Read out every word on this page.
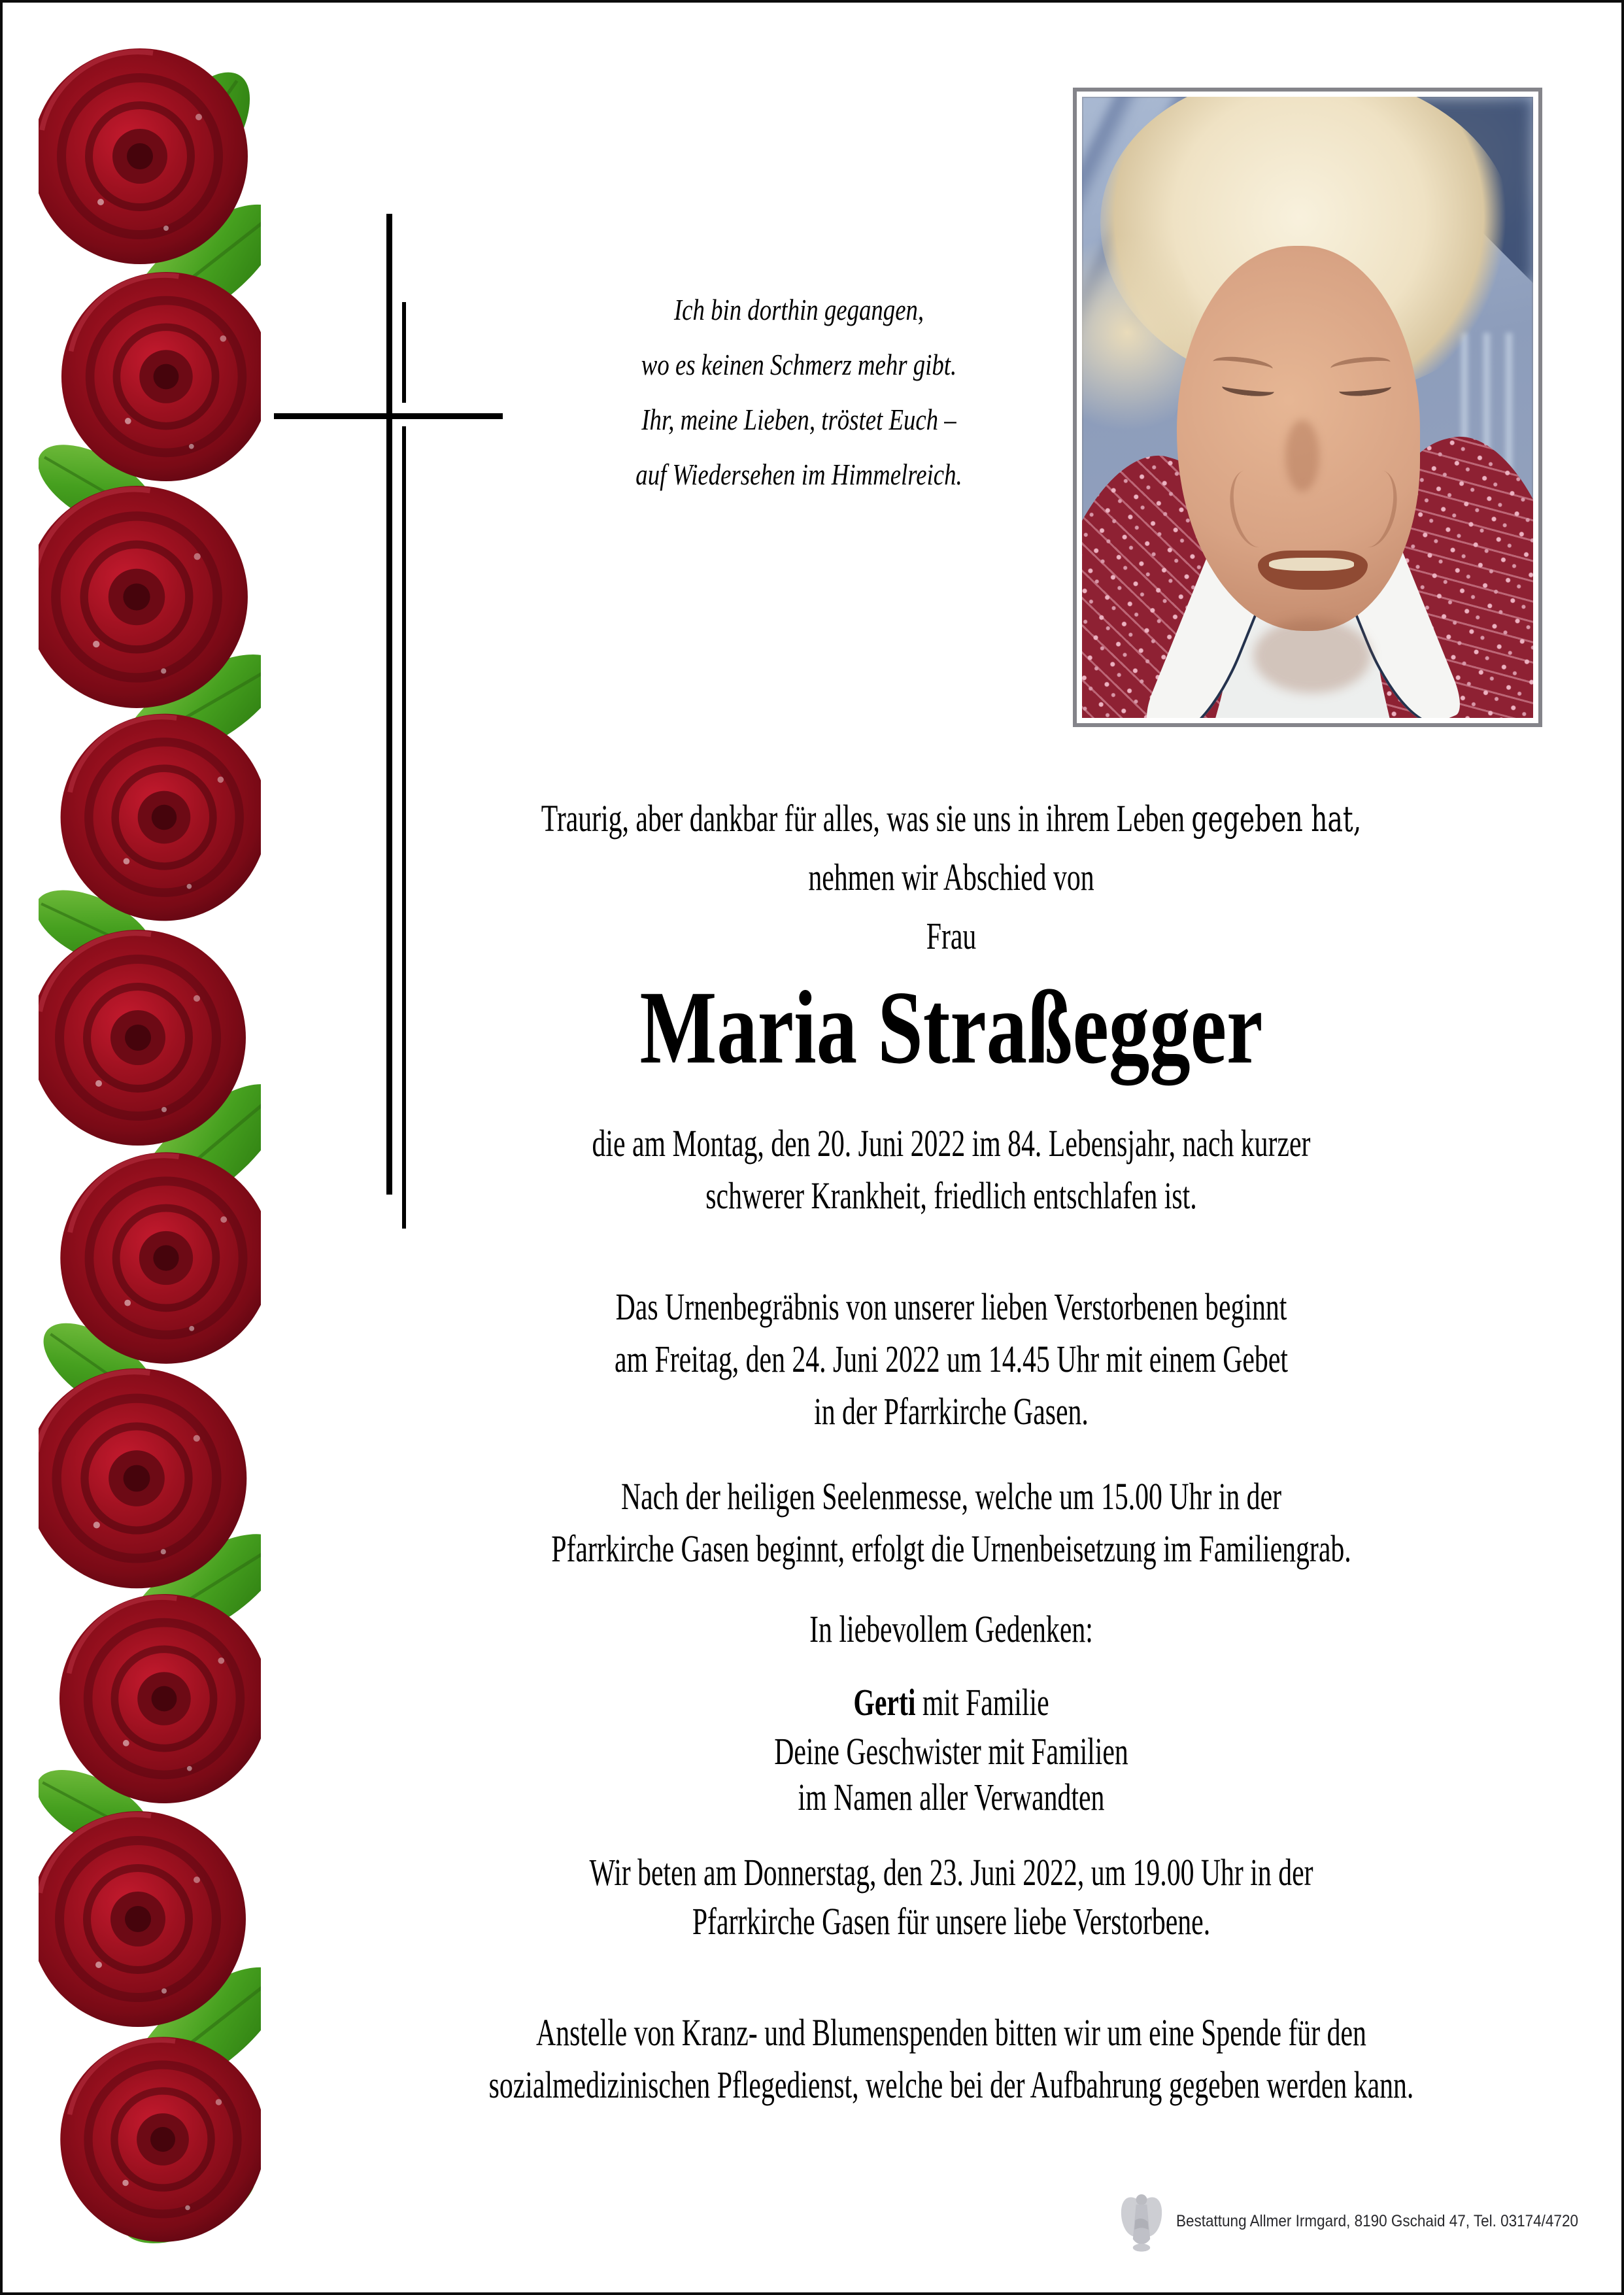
Ich bin dorthin gegangen,
wo es keinen Schmerz mehr gibt.
Ihr, meine Lieben, tröstet Euch –
auf Wiedersehen im Himmelreich.
Traurig, aber dankbar für alles, was sie uns in ihrem Leben gegeben hat,
nehmen wir Abschied von
Frau
Maria Straßegger
die am Montag, den 20. Juni 2022 im 84. Lebensjahr, nach kurzer
schwerer Krankheit, friedlich entschlafen ist.
Das Urnenbegräbnis von unserer lieben Verstorbenen beginnt
am Freitag, den 24. Juni 2022 um 14.45 Uhr mit einem Gebet
in der Pfarrkirche Gasen.
Nach der heiligen Seelenmesse, welche um 15.00 Uhr in der
Pfarrkirche Gasen beginnt, erfolgt die Urnenbeisetzung im Familiengrab.
In liebevollem Gedenken:
Gerti mit Familie
Deine Geschwister mit Familien
im Namen aller Verwandten
Wir beten am Donnerstag, den 23. Juni 2022, um 19.00 Uhr in der
Pfarrkirche Gasen für unsere liebe Verstorbene.
Anstelle von Kranz- und Blumenspenden bitten wir um eine Spende für den
sozialmedizinischen Pflegedienst, welche bei der Aufbahrung gegeben werden kann.
Bestattung Allmer Irmgard, 8190 Gschaid 47, Tel. 03174/4720
